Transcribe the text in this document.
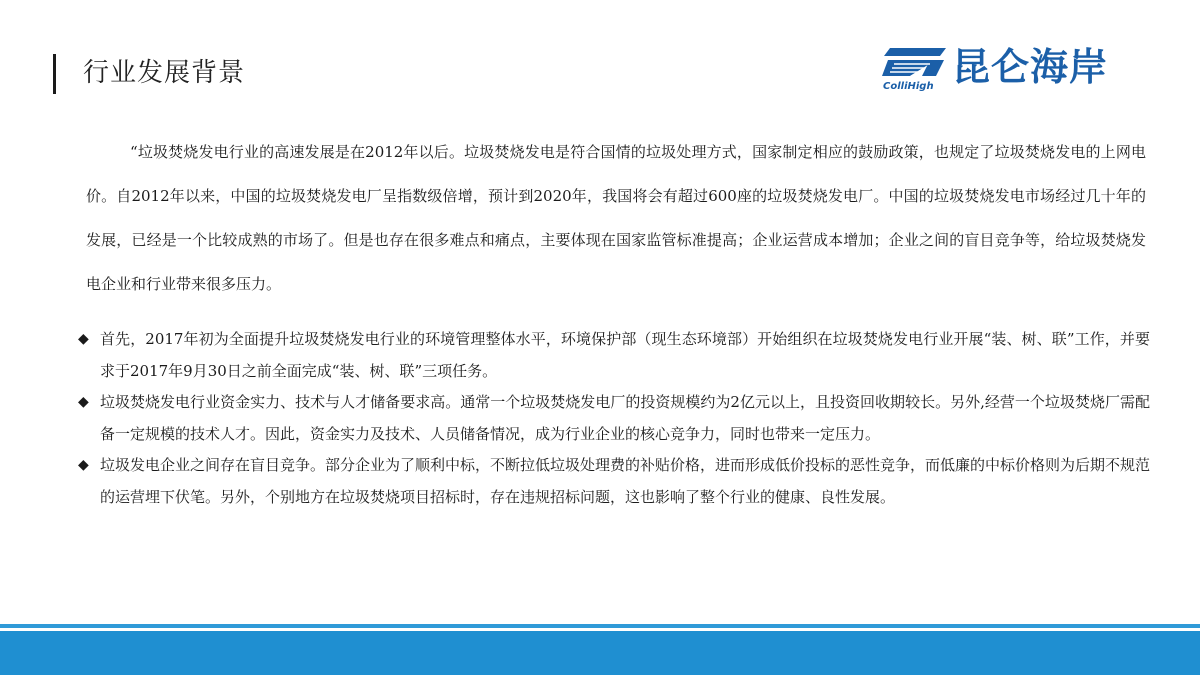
行业发展背景	ColliHigh 昆仑海岸

“垃圾焚烧发电行业的高速发展是在2012年以后。垃圾焚烧发电是符合国情的垃圾处理方式，国家制定相应的鼓励政策，也规定了垃圾焚烧发电的上网电价。自2012年以来，中国的垃圾焚烧发电厂呈指数级倍增，预计到2020年，我国将会有超过600座的垃圾焚烧发电厂。中国的垃圾焚烧发电市场经过几十年的发展，已经是一个比较成熟的市场了。但是也存在很多难点和痛点，主要体现在国家监管标准提高；企业运营成本增加；企业之间的盲目竞争等，给垃圾焚烧发电企业和行业带来很多压力。

◆ 首先，2017年初为全面提升垃圾焚烧发电行业的环境管理整体水平，环境保护部（现生态环境部）开始组织在垃圾焚烧发电行业开展“装、树、联”工作，并要求于2017年9月30日之前全面完成“装、树、联”三项任务。
◆ 垃圾焚烧发电行业资金实力、技术与人才储备要求高。通常一个垃圾焚烧发电厂的投资规模约为2亿元以上，且投资回收期较长。另外,经营一个垃圾焚烧厂需配备一定规模的技术人才。因此，资金实力及技术、人员储备情况，成为行业企业的核心竞争力，同时也带来一定压力。
◆ 垃圾发电企业之间存在盲目竞争。部分企业为了顺利中标，不断拉低垃圾处理费的补贴价格，进而形成低价投标的恶性竞争，而低廉的中标价格则为后期不规范的运营埋下伏笔。另外，个别地方在垃圾焚烧项目招标时，存在违规招标问题，这也影响了整个行业的健康、良性发展。
